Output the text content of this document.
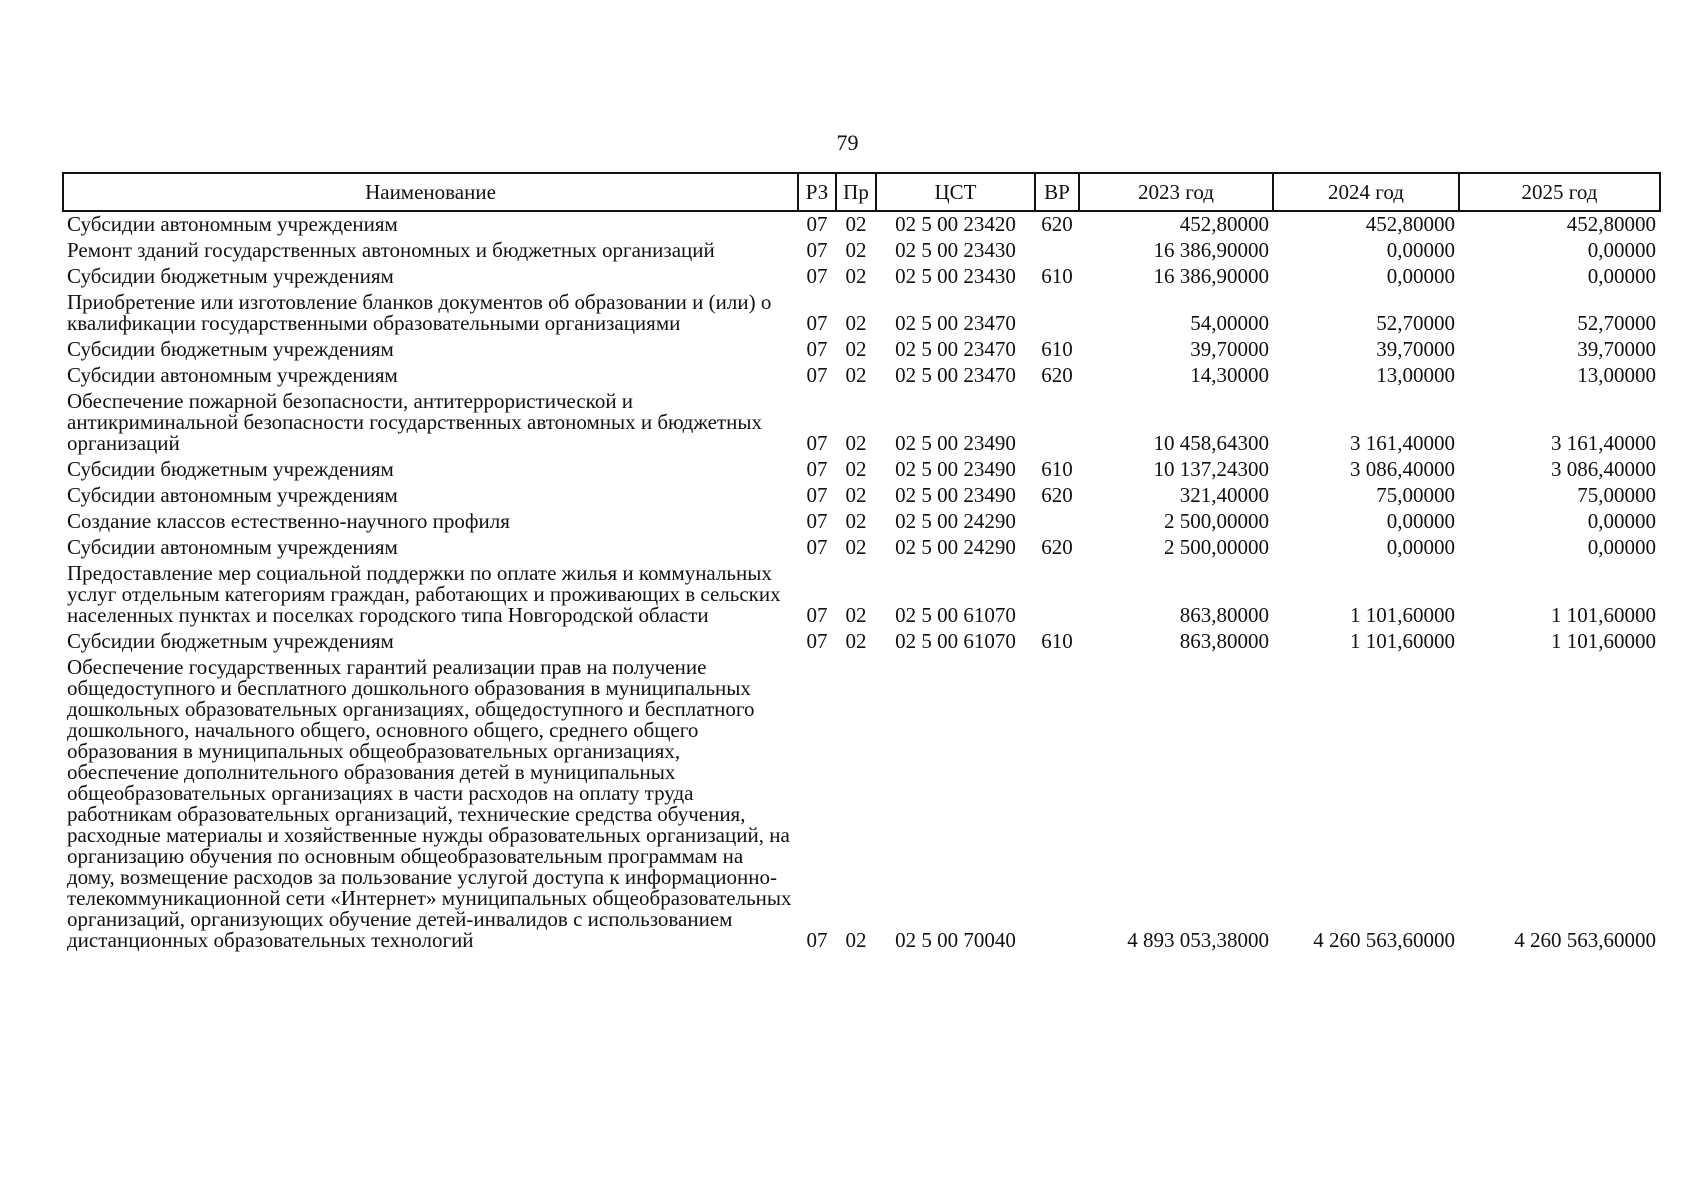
79
Наименование	РЗ	Пр	ЦСТ	ВР	2023 год	2024 год	2025 год
Субсидии автономным учреждениям	07	02	02 5 00 23420	620	452,80000	452,80000	452,80000
Ремонт зданий государственных автономных и бюджетных организаций	07	02	02 5 00 23430		16 386,90000	0,00000	0,00000
Субсидии бюджетным учреждениям	07	02	02 5 00 23430	610	16 386,90000	0,00000	0,00000
Приобретение или изготовление бланков документов об образовании и (или) о квалификации государственными образовательными организациями	07	02	02 5 00 23470		54,00000	52,70000	52,70000
Субсидии бюджетным учреждениям	07	02	02 5 00 23470	610	39,70000	39,70000	39,70000
Субсидии автономным учреждениям	07	02	02 5 00 23470	620	14,30000	13,00000	13,00000
Обеспечение пожарной безопасности, антитеррористической и антикриминальной безопасности государственных автономных и бюджетных организаций	07	02	02 5 00 23490		10 458,64300	3 161,40000	3 161,40000
Субсидии бюджетным учреждениям	07	02	02 5 00 23490	610	10 137,24300	3 086,40000	3 086,40000
Субсидии автономным учреждениям	07	02	02 5 00 23490	620	321,40000	75,00000	75,00000
Создание классов естественно-научного профиля	07	02	02 5 00 24290		2 500,00000	0,00000	0,00000
Субсидии автономным учреждениям	07	02	02 5 00 24290	620	2 500,00000	0,00000	0,00000
Предоставление мер социальной поддержки по оплате жилья и коммунальных услуг отдельным категориям граждан, работающих и проживающих в сельских населенных пунктах и поселках городского типа Новгородской области	07	02	02 5 00 61070		863,80000	1 101,60000	1 101,60000
Субсидии бюджетным учреждениям	07	02	02 5 00 61070	610	863,80000	1 101,60000	1 101,60000
Обеспечение государственных гарантий реализации прав на получение общедоступного и бесплатного дошкольного образования в муниципальных дошкольных образовательных организациях, общедоступного и бесплатного дошкольного, начального общего, основного общего, среднего общего образования в муниципальных общеобразовательных организациях, обеспечение дополнительного образования детей в муниципальных общеобразовательных организациях в части расходов на оплату труда работникам образовательных организаций, технические средства обучения, расходные материалы и хозяйственные нужды образовательных организаций, на организацию обучения по основным общеобразовательным программам на дому, возмещение расходов за пользование услугой доступа к информационно-телекоммуникационной сети «Интернет» муниципальных общеобразовательных организаций, организующих обучение детей-инвалидов с использованием дистанционных образовательных технологий	07	02	02 5 00 70040		4 893 053,38000	4 260 563,60000	4 260 563,60000
